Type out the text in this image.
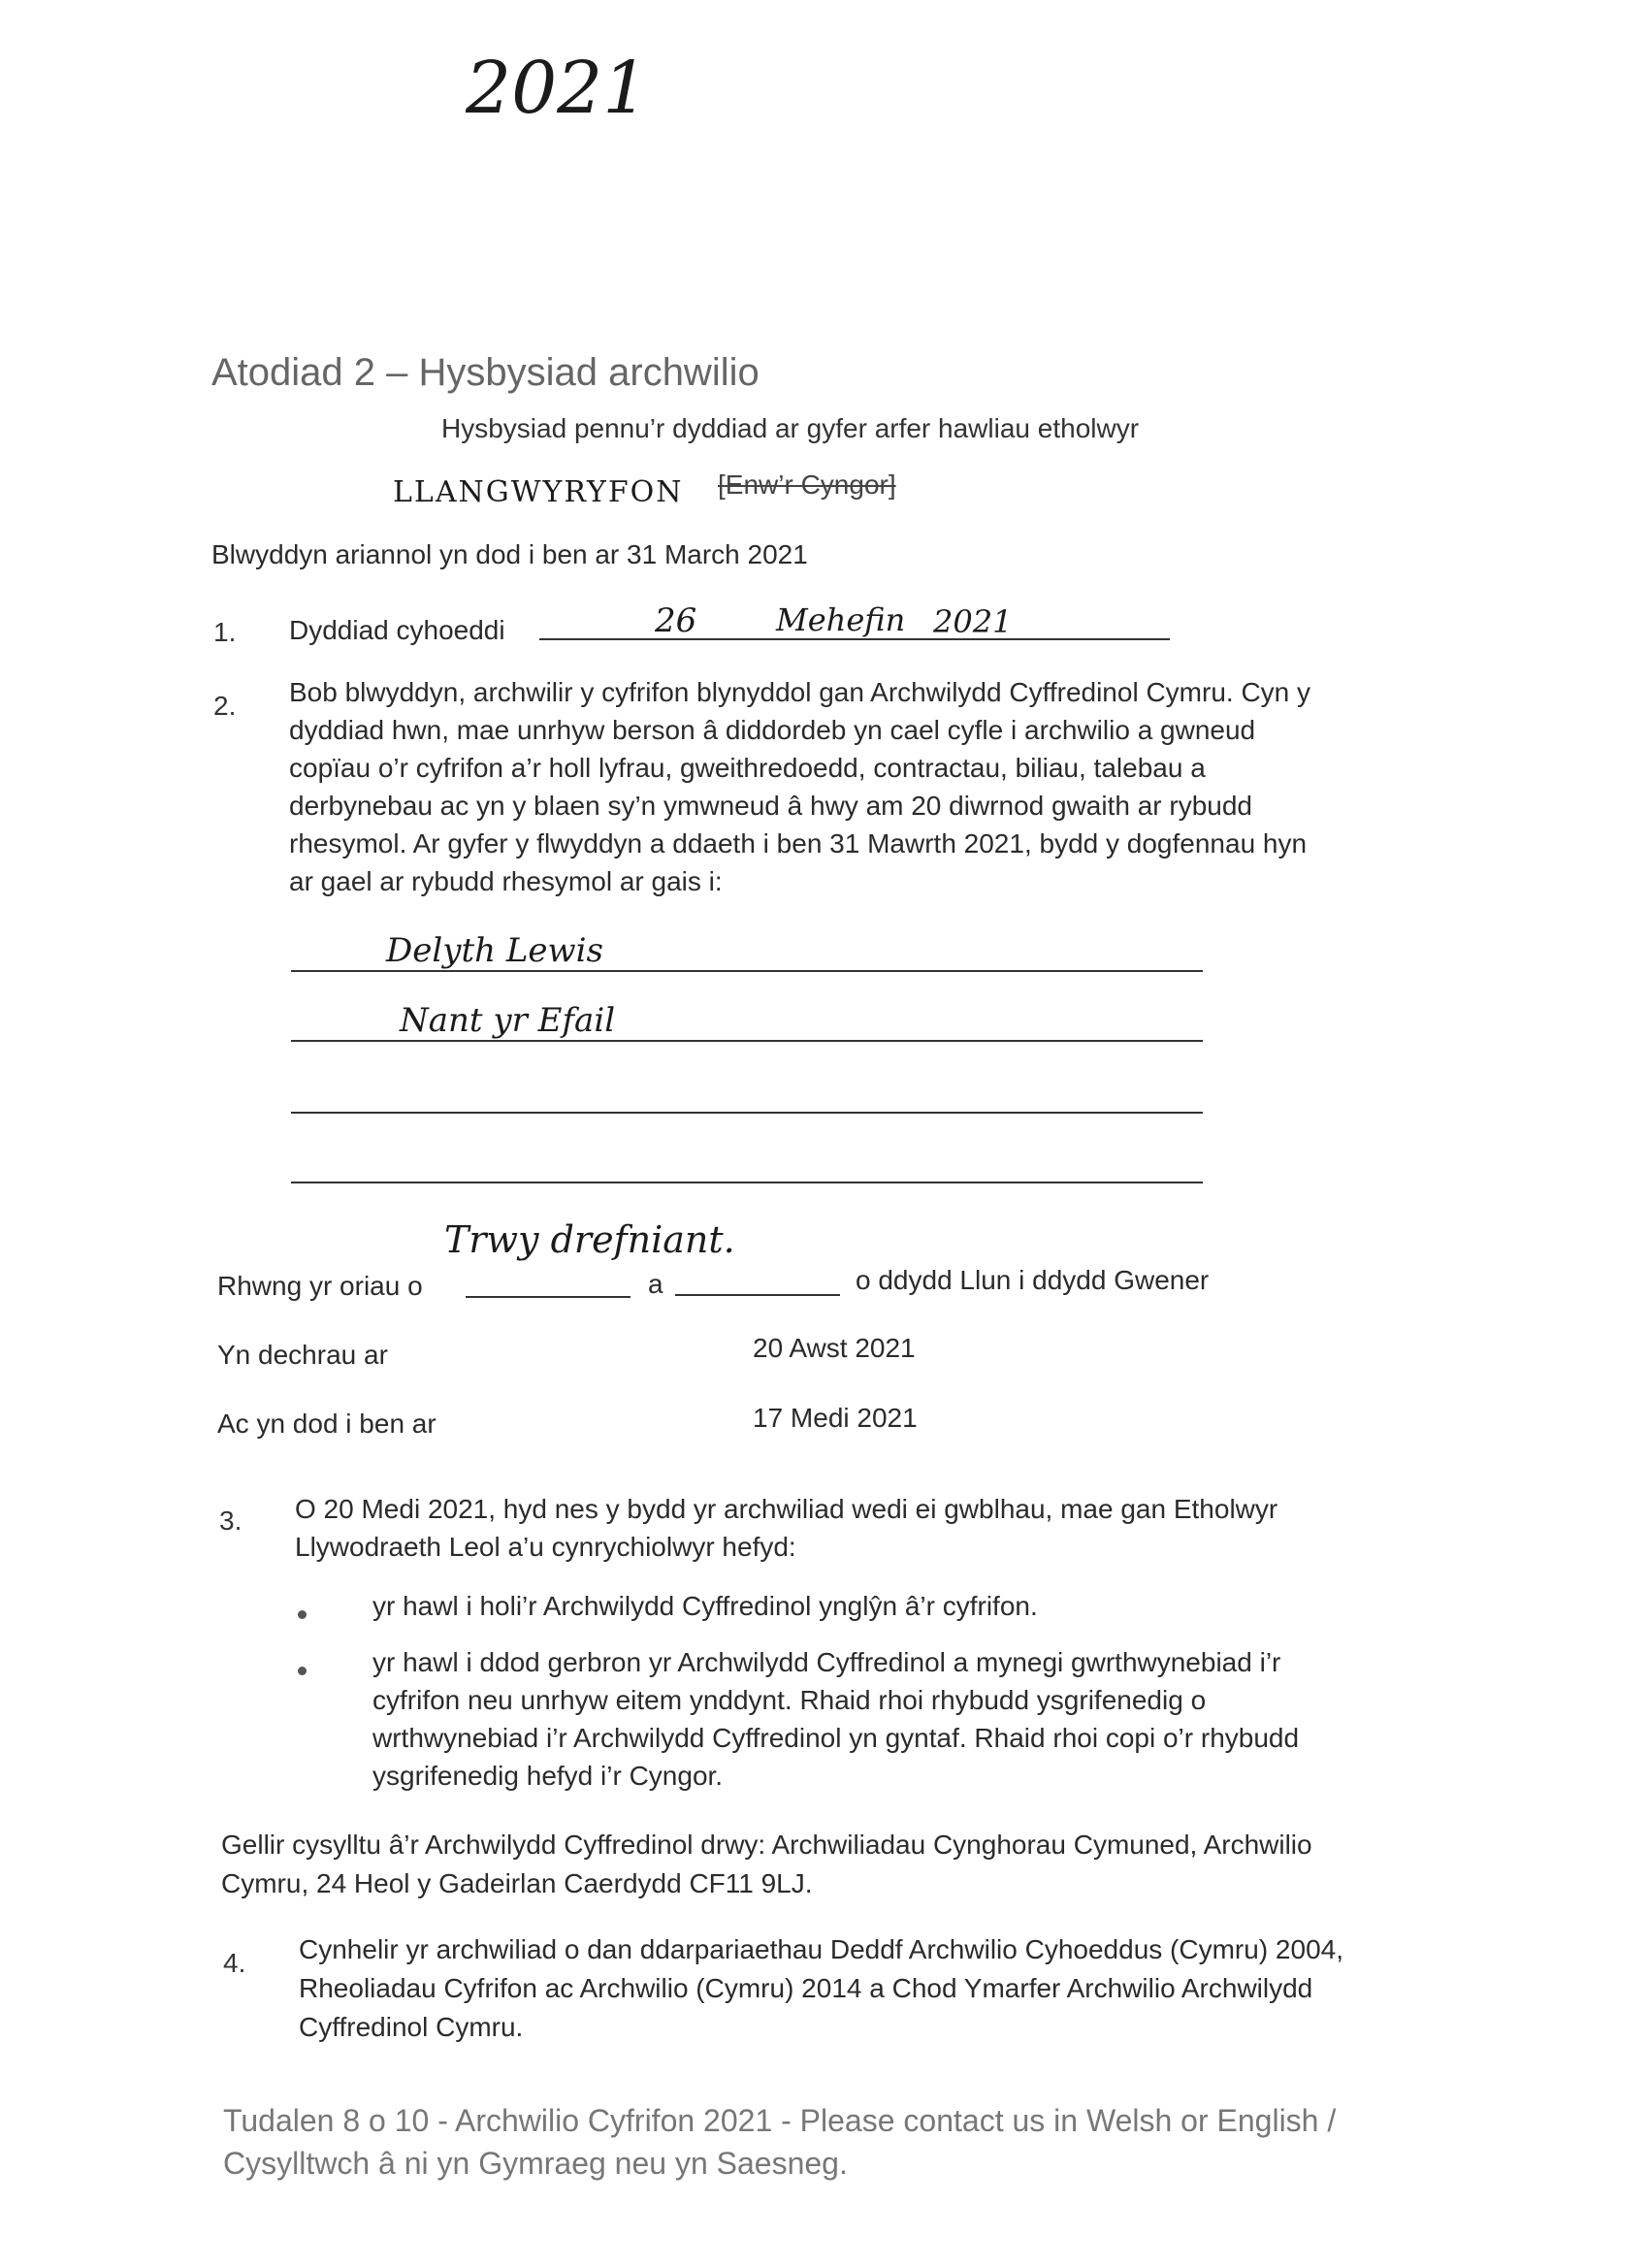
2021
Atodiad 2 – Hysbysiad archwilio
Hysbysiad pennu’r dyddiad ar gyfer arfer hawliau etholwyr
LLANGWYRYFON [Enw’r Cyngor]
Blwyddyn ariannol yn dod i ben ar 31 March 2021
1. Dyddiad cyhoeddi	26	Mehefin 2021
2. Bob blwyddyn, archwilir y cyfrifon blynyddol gan Archwilydd Cyffredinol Cymru. Cyn y
dyddiad hwn, mae unrhyw berson â diddordeb yn cael cyfle i archwilio a gwneud
copïau o’r cyfrifon a’r holl lyfrau, gweithredoedd, contractau, biliau, talebau a
derbynebau ac yn y blaen sy’n ymwneud â hwy am 20 diwrnod gwaith ar rybudd
rhesymol. Ar gyfer y flwyddyn a ddaeth i ben 31 Mawrth 2021, bydd y dogfennau hyn
ar gael ar rybudd rhesymol ar gais i:
Delyth Lewis
Nant yr Efail
Trwy drefniant.
Rhwng yr oriau o	a	o ddydd Llun i ddydd Gwener
Yn dechrau ar	20 Awst 2021
Ac yn dod i ben ar	17 Medi 2021
3. O 20 Medi 2021, hyd nes y bydd yr archwiliad wedi ei gwblhau, mae gan Etholwyr
Llywodraeth Leol a’u cynrychiolwyr hefyd:
yr hawl i holi’r Archwilydd Cyffredinol ynglŷn â’r cyfrifon.
yr hawl i ddod gerbron yr Archwilydd Cyffredinol a mynegi gwrthwynebiad i’r
cyfrifon neu unrhyw eitem ynddynt. Rhaid rhoi rhybudd ysgrifenedig o
wrthwynebiad i’r Archwilydd Cyffredinol yn gyntaf. Rhaid rhoi copi o’r rhybudd
ysgrifenedig hefyd i’r Cyngor.
Gellir cysylltu â’r Archwilydd Cyffredinol drwy: Archwiliadau Cynghorau Cymuned, Archwilio
Cymru, 24 Heol y Gadeirlan Caerdydd CF11 9LJ.
4. Cynhelir yr archwiliad o dan ddarpariaethau Deddf Archwilio Cyhoeddus (Cymru) 2004,
Rheoliadau Cyfrifon ac Archwilio (Cymru) 2014 a Chod Ymarfer Archwilio Archwilydd
Cyffredinol Cymru.
Tudalen 8 o 10 - Archwilio Cyfrifon 2021 - Please contact us in Welsh or English /
Cysylltwch â ni yn Gymraeg neu yn Saesneg.
